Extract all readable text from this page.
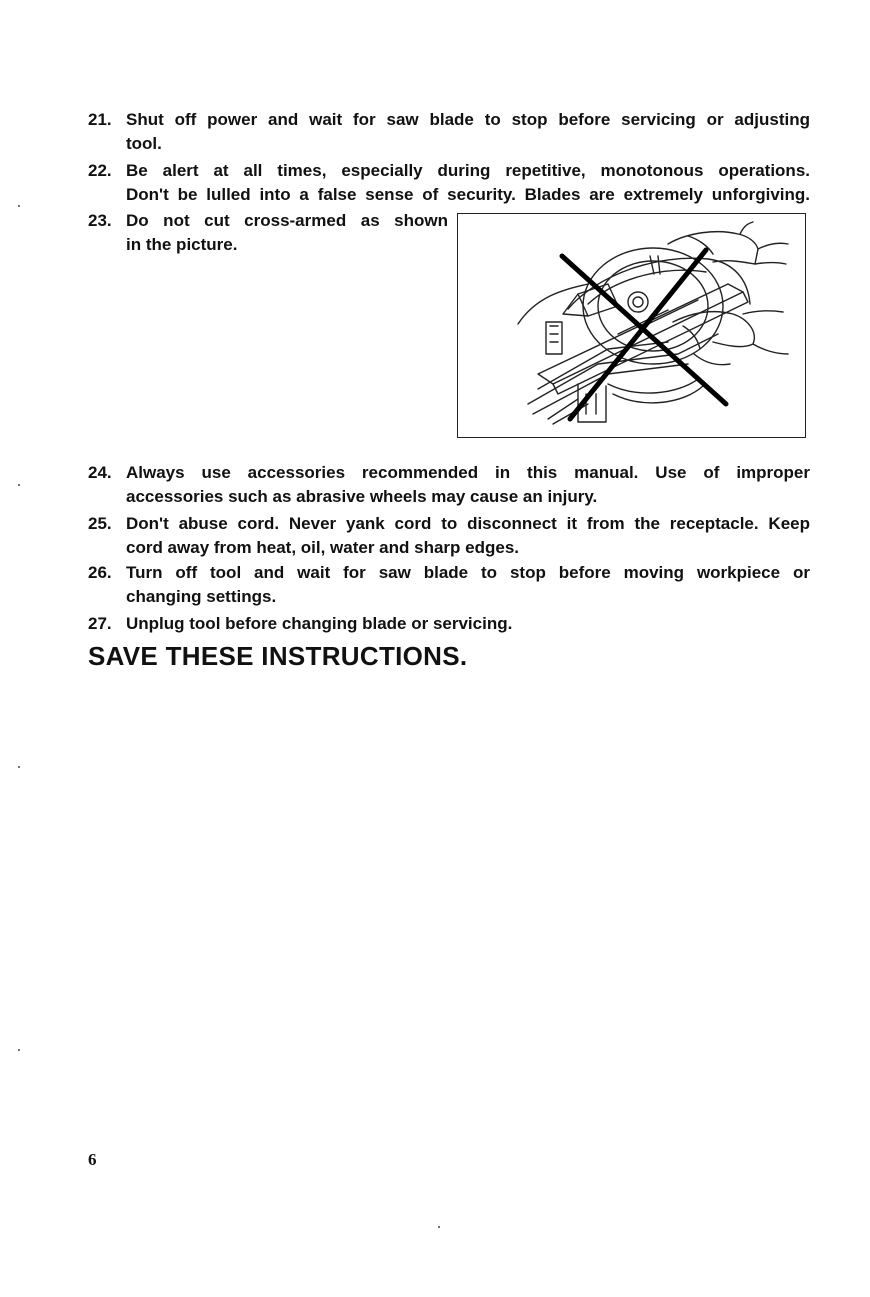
21. Shut off power and wait for saw blade to stop before servicing or adjusting
tool.
22. Be alert at all times, especially during repetitive, monotonous operations.
Don't be lulled into a false sense of security. Blades are extremely unforgiving.
23. Do not cut cross-armed as shown
in the picture.
24. Always use accessories recommended in this manual. Use of improper
accessories such as abrasive wheels may cause an injury.
25. Don't abuse cord. Never yank cord to disconnect it from the receptacle. Keep
cord away from heat, oil, water and sharp edges.
26. Turn off tool and wait for saw blade to stop before moving workpiece or
changing settings.
27. Unplug tool before changing blade or servicing.
SAVE THESE INSTRUCTIONS.
6
